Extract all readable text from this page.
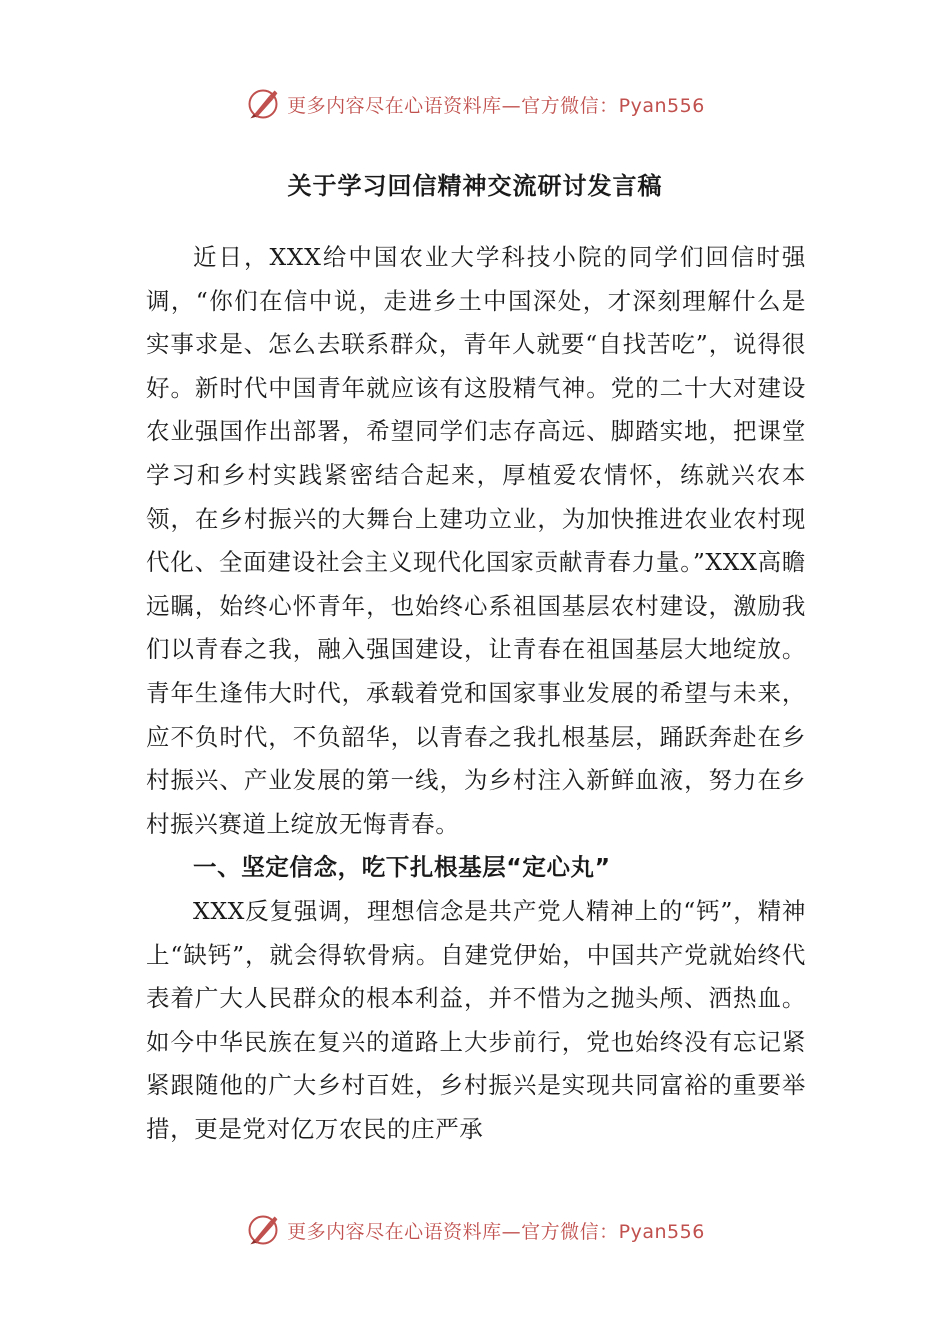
更多内容尽在心语资料库—官方微信：Pyan556
关于学习回信精神交流研讨发言稿

近日，XXX给中国农业大学科技小院的同学们回信时强调，“你们在信中说，走进乡土中国深处，才深刻理解什么是实事求是、怎么去联系群众，青年人就要“自找苦吃”，说得很好。新时代中国青年就应该有这股精气神。党的二十大对建设农业强国作出部署，希望同学们志存高远、脚踏实地，把课堂学习和乡村实践紧密结合起来，厚植爱农情怀，练就兴农本领，在乡村振兴的大舞台上建功立业，为加快推进农业农村现代化、全面建设社会主义现代化国家贡献青春力量。”XXX高瞻远瞩，始终心怀青年，也始终心系祖国基层农村建设，激励我们以青春之我，融入强国建设，让青春在祖国基层大地绽放。青年生逢伟大时代，承载着党和国家事业发展的希望与未来，应不负时代，不负韶华，以青春之我扎根基层，踊跃奔赴在乡村振兴、产业发展的第一线，为乡村注入新鲜血液，努力在乡村振兴赛道上绽放无悔青春。

一、坚定信念，吃下扎根基层“定心丸”

XXX反复强调，理想信念是共产党人精神上的“钙”，精神上“缺钙”，就会得软骨病。自建党伊始，中国共产党就始终代表着广大人民群众的根本利益，并不惜为之抛头颅、洒热血。如今中华民族在复兴的道路上大步前行，党也始终没有忘记紧紧跟随他的广大乡村百姓，乡村振兴是实现共同富裕的重要举措，更是党对亿万农民的庄严承

更多内容尽在心语资料库—官方微信：Pyan556
